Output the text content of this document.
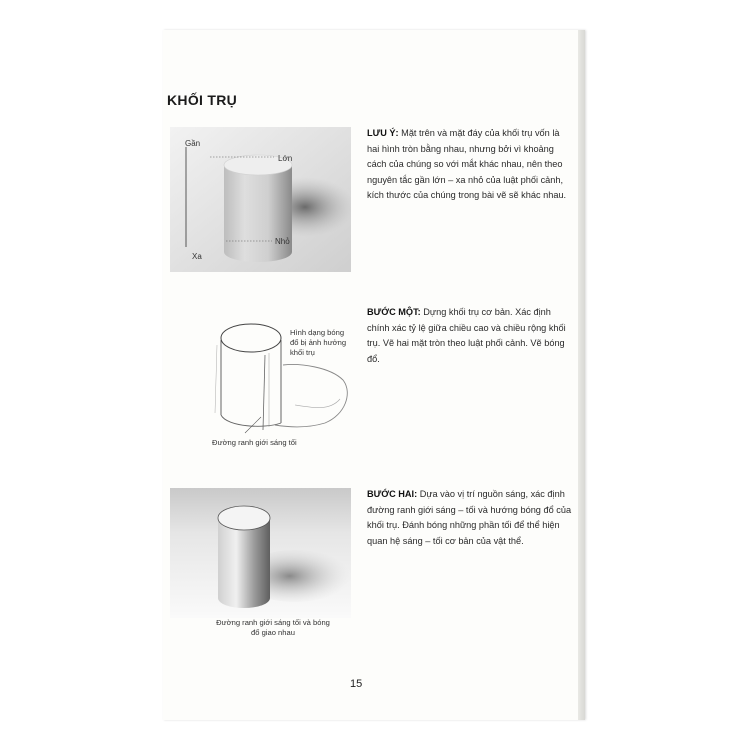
KHỐI TRỤ
Gần
Lớn
Nhỏ
Xa
LƯU Ý: Mặt trên và mặt đáy của khối trụ vốn là hai hình tròn bằng nhau, nhưng bởi vì khoảng cách của chúng so với mắt khác nhau, nên theo nguyên tắc gần lớn – xa nhỏ của luật phối cảnh, kích thước của chúng trong bài vẽ sẽ khác nhau.
Hình dạng bóng đổ bị ảnh hưởng khối trụ
Đường ranh giới sáng tối
BƯỚC MỘT: Dựng khối trụ cơ bản. Xác định chính xác tỷ lệ giữa chiều cao và chiều rộng khối trụ. Vẽ hai mặt tròn theo luật phối cảnh. Vẽ bóng đổ.
Đường ranh giới sáng tối và bóng đổ giao nhau
BƯỚC HAI: Dựa vào vị trí nguồn sáng, xác định đường ranh giới sáng – tối và hướng bóng đổ của khối trụ. Đánh bóng những phần tối để thể hiện quan hệ sáng – tối cơ bản của vật thể.
15
